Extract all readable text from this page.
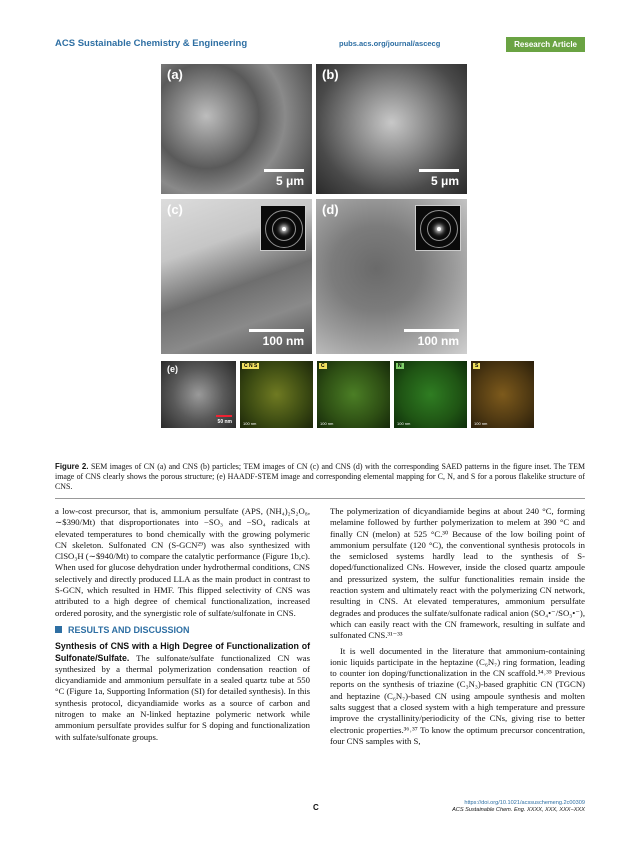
ACS Sustainable Chemistry & Engineering	pubs.acs.org/journal/ascecg	Research Article
(a)
5 μm
(b)
5 μm
(c)
100 nm
(d)
100 nm
(e)
50 nm
C N S
100 nm
C
100 nm
N
100 nm
S
100 nm
Figure 2. SEM images of CN (a) and CNS (b) particles; TEM images of CN (c) and CNS (d) with the corresponding SAED patterns in the figure inset. The TEM image of CNS clearly shows the porous structure; (e) HAADF-STEM image and corresponding elemental mapping for C, N, and S for a porous flakelike structure of CNS.

a low-cost precursor, that is, ammonium persulfate (APS, (NH₄)₂S₂O₈, ∼$390/Mt) that disproportionates into −SO₃ and −SO₄ radicals at elevated temperatures to bond chemically with the growing polymeric CN skeleton. Sulfonated CN (S-GCN²⁹) was also synthesized with ClSO₃H (∼$940/Mt) to compare the catalytic performance (Figure 1b,c). When used for glucose dehydration under hydrothermal conditions, CNS selectively and directly produced LLA as the main product in contrast to S-GCN, which resulted in HMF. This flipped selectivity of CNS was attributed to a high degree of chemical functionalization, increased ordered porosity, and the synergistic role of sulfate/sulfonate in CNS.

RESULTS AND DISCUSSION

Synthesis of CNS with a High Degree of Functionalization of Sulfonate/Sulfate. The sulfonate/sulfate functionalized CN was synthesized by a thermal polymerization condensation reaction of dicyandiamide and ammonium persulfate in a sealed quartz tube at 550 °C (Figure 1a, Supporting Information (SI) for detailed synthesis). In this synthesis protocol, dicyandiamide works as a source of carbon and nitrogen to make an N-linked heptazine polymeric network while ammonium persulfate provides sulfur for S doping and functionalization with sulfate/sulfonate groups.

The polymerization of dicyandiamide begins at about 240 °C, forming melamine followed by further polymerization to melem at 390 °C and finally CN (melon) at 525 °C.³⁰ Because of the low boiling point of ammonium persulfate (120 °C), the conventional synthesis protocols in the semiclosed systems hardly lead to the synthesis of S-doped/functionalized CNs. However, inside the closed quartz ampoule and pressurized system, the sulfur functionalities remain inside the reaction system and ultimately react with the polymerizing CN network, resulting in CNS. At elevated temperatures, ammonium persulfate degrades and produces the sulfate/sulfonate radical anion (SO₄•⁻/SO₃•⁻), which can easily react with the CN framework, resulting in sulfate and sulfonated CNS.³¹⁻³³

It is well documented in the literature that ammonium-containing ionic liquids participate in the heptazine (C₆N₇) ring formation, leading to counter ion doping/functionalization in the CN scaffold.³⁴˒³⁵ Previous reports on the synthesis of triazine (C₃N₃)-based graphitic CN (TGCN) and heptazine (C₆N₇)-based CN using ampoule synthesis and molten salts suggest that a closed system with a high temperature and pressure improve the crystallinity/periodicity of the CNs, giving rise to better electronic properties.³⁶˒³⁷ To know the optimum precursor concentration, four CNS samples with S,

C	https://doi.org/10.1021/acssuschemeng.2c00309
ACS Sustainable Chem. Eng. XXXX, XXX, XXX−XXX
